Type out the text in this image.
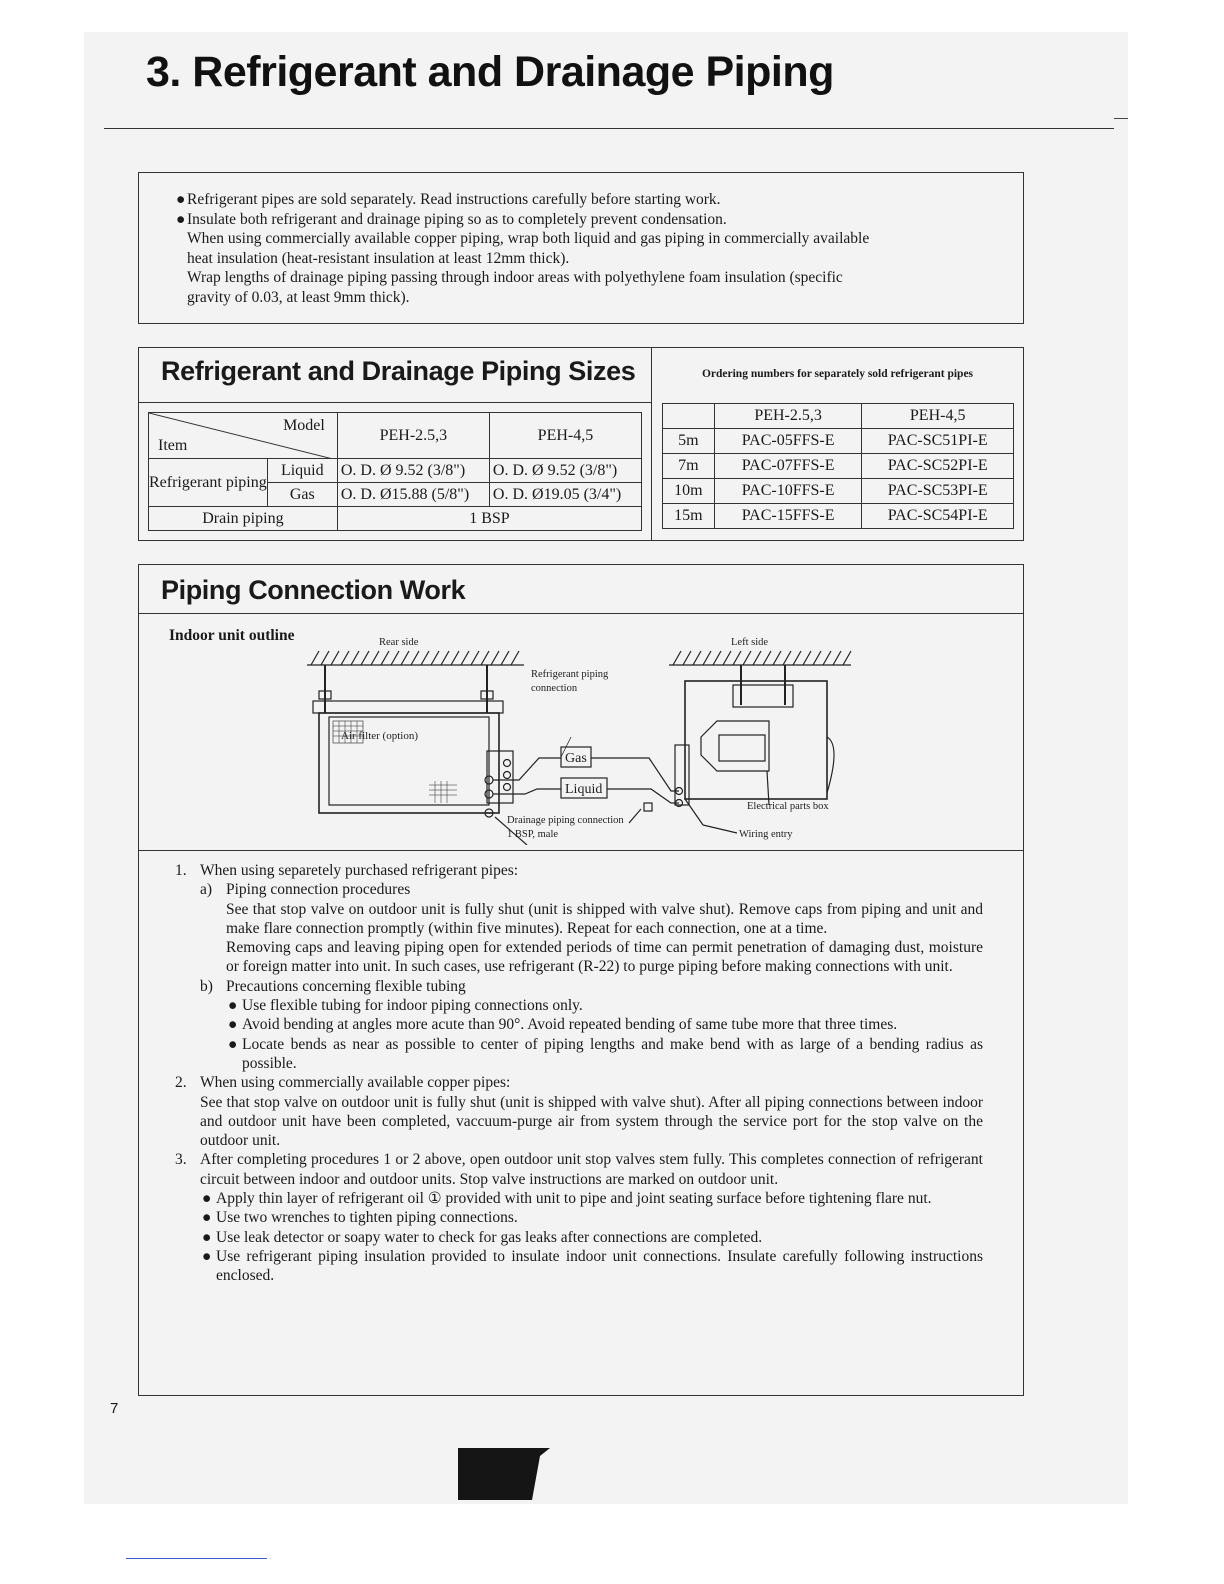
3. Refrigerant and Drainage Piping
● Refrigerant pipes are sold separately. Read instructions carefully before starting work.
● Insulate both refrigerant and drainage piping so as to completely prevent condensation.
When using commercially available copper piping, wrap both liquid and gas piping in commercially available
heat insulation (heat-resistant insulation at least 12mm thick).
Wrap lengths of drainage piping passing through indoor areas with polyethylene foam insulation (specific
gravity of 0.03, at least 9mm thick).
Refrigerant and Drainage Piping Sizes
Model
Item		PEH-2.5,3	PEH-4,5
Refrigerant piping	Liquid	O. D. Ø 9.52 (3/8")	O. D. Ø 9.52 (3/8")
	Gas	O. D. Ø15.88 (5/8")	O. D. Ø19.05 (3/4")
Drain piping		1 BSP	
Ordering numbers for separately sold refrigerant pipes
	PEH-2.5,3	PEH-4,5
5m	PAC-05FFS-E	PAC-SC51PI-E
7m	PAC-07FFS-E	PAC-SC52PI-E
10m	PAC-10FFS-E	PAC-SC53PI-E
15m	PAC-15FFS-E	PAC-SC54PI-E
Piping Connection Work
Indoor unit outline	Rear side	Left side
Refrigerant piping
connection
Air filter (option)
Drainage piping connection
1 BSP, male
Electrical parts box
Wiring entry
Gas
Liquid
1. When using separetely purchased refrigerant pipes:
a) Piping connection procedures
See that stop valve on outdoor unit is fully shut (unit is shipped with valve shut). Remove caps from piping and unit and make flare connection promptly (within five minutes). Repeat for each connection, one at a time.
Removing caps and leaving piping open for extended periods of time can permit penetration of damaging dust, moisture or foreign matter into unit. In such cases, use refrigerant (R-22) to purge piping before making connections with unit.
b) Precautions concerning flexible tubing
● Use flexible tubing for indoor piping connections only.
● Avoid bending at angles more acute than 90°. Avoid repeated bending of same tube more that three times.
● Locate bends as near as possible to center of piping lengths and make bend with as large of a bending radius as possible.
2. When using commercially available copper pipes:
See that stop valve on outdoor unit is fully shut (unit is shipped with valve shut). After all piping connections between indoor and outdoor unit have been completed, vaccuum-purge air from system through the service port for the stop valve on the outdoor unit.
3. After completing procedures 1 or 2 above, open outdoor unit stop valves stem fully. This completes connection of refrigerant circuit between indoor and outdoor units. Stop valve instructions are marked on outdoor unit.
● Apply thin layer of refrigerant oil ① provided with unit to pipe and joint seating surface before tightening flare nut.
● Use two wrenches to tighten piping connections.
● Use leak detector or soapy water to check for gas leaks after connections are completed.
● Use refrigerant piping insulation provided to insulate indoor unit connections. Insulate carefully following instructions enclosed.
7
